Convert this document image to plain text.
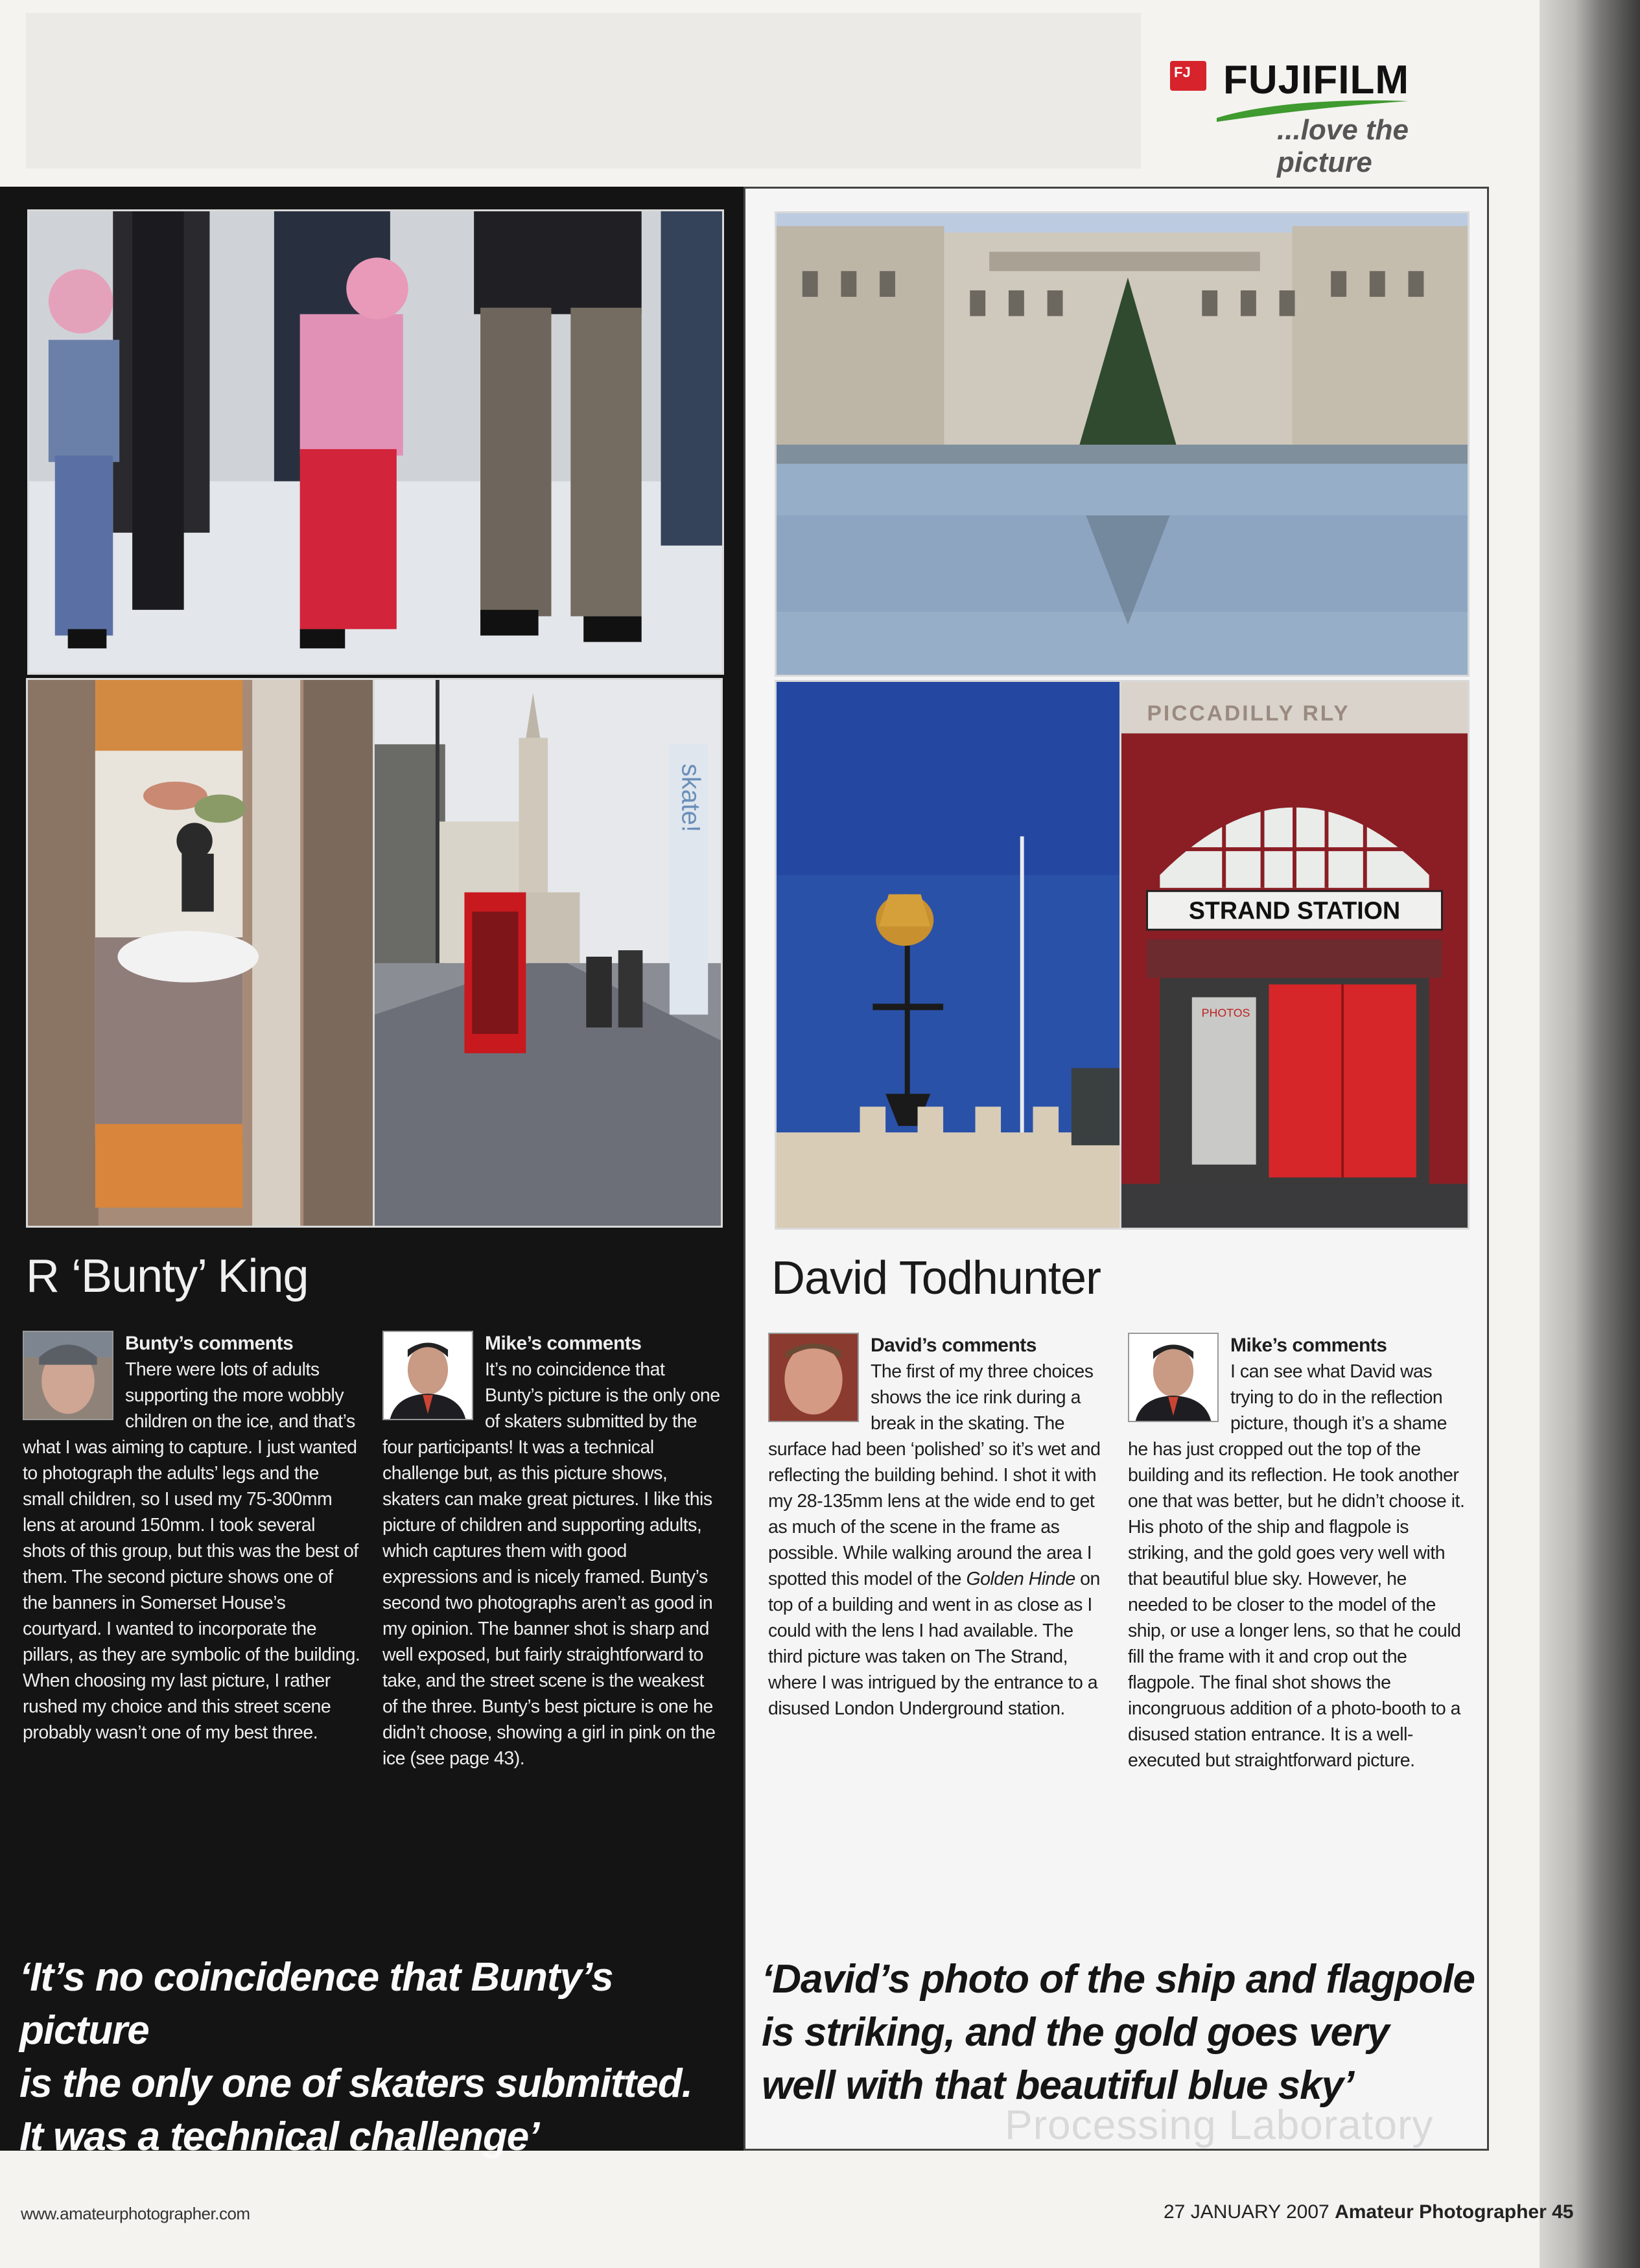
FJ FUJIFILM
...love the picture
skate!
R ‘Bunty’ King
Bunty’s comments

There were lots of adults supporting the more wobbly children on the ice, and that’s what I was aiming to capture. I just wanted to photograph the adults’ legs and the small children, so I used my 75-300mm lens at around 150mm. I took several shots of this group, but this was the best of them. The second picture shows one of the banners in Somerset House’s courtyard. I wanted to incorporate the pillars, as they are symbolic of the building. When choosing my last picture, I rather rushed my choice and this street scene probably wasn’t one of my best three.

Mike’s comments

It’s no coincidence that Bunty’s picture is the only one of skaters submitted by the four participants! It was a technical challenge but, as this picture shows, skaters can make great pictures. I like this picture of children and supporting adults, which captures them with good expressions and is nicely framed. Bunty’s second two photographs aren’t as good in my opinion. The banner shot is sharp and well exposed, but fairly straightforward to take, and the street scene is the weakest of the three. Bunty’s best picture is one he didn’t choose, showing a girl in pink on the ice (see page 43).

‘It’s no coincidence that Bunty’s picture
is the only one of skaters submitted.
It was a technical challenge’
PICCADILLY RLY
STRAND STATION
PHOTOS
David Todhunter
David’s comments

The first of my three choices shows the ice rink during a break in the skating. The surface had been ‘polished’ so it’s wet and reflecting the building behind. I shot it with my 28-135mm lens at the wide end to get as much of the scene in the frame as possible. While walking around the area I spotted this model of the Golden Hinde on top of a building and went in as close as I could with the lens I had available. The third picture was taken on The Strand, where I was intrigued by the entrance to a disused London Underground station.

Mike’s comments

I can see what David was trying to do in the reflection picture, though it’s a shame he has just cropped out the top of the building and its reflection. He took another one that was better, but he didn’t choose it. His photo of the ship and flagpole is striking, and the gold goes very well with that beautiful blue sky. However, he needed to be closer to the model of the ship, or use a longer lens, so that he could fill the frame with it and crop out the flagpole. The final shot shows the incongruous addition of a photo-booth to a disused station entrance. It is a well-executed but straightforward picture.

‘David’s photo of the ship and flagpole
is striking, and the gold goes very
well with that beautiful blue sky’
Processing Laboratory
www.amateurphotographer.com	27 JANUARY 2007 Amateur Photographer 45
